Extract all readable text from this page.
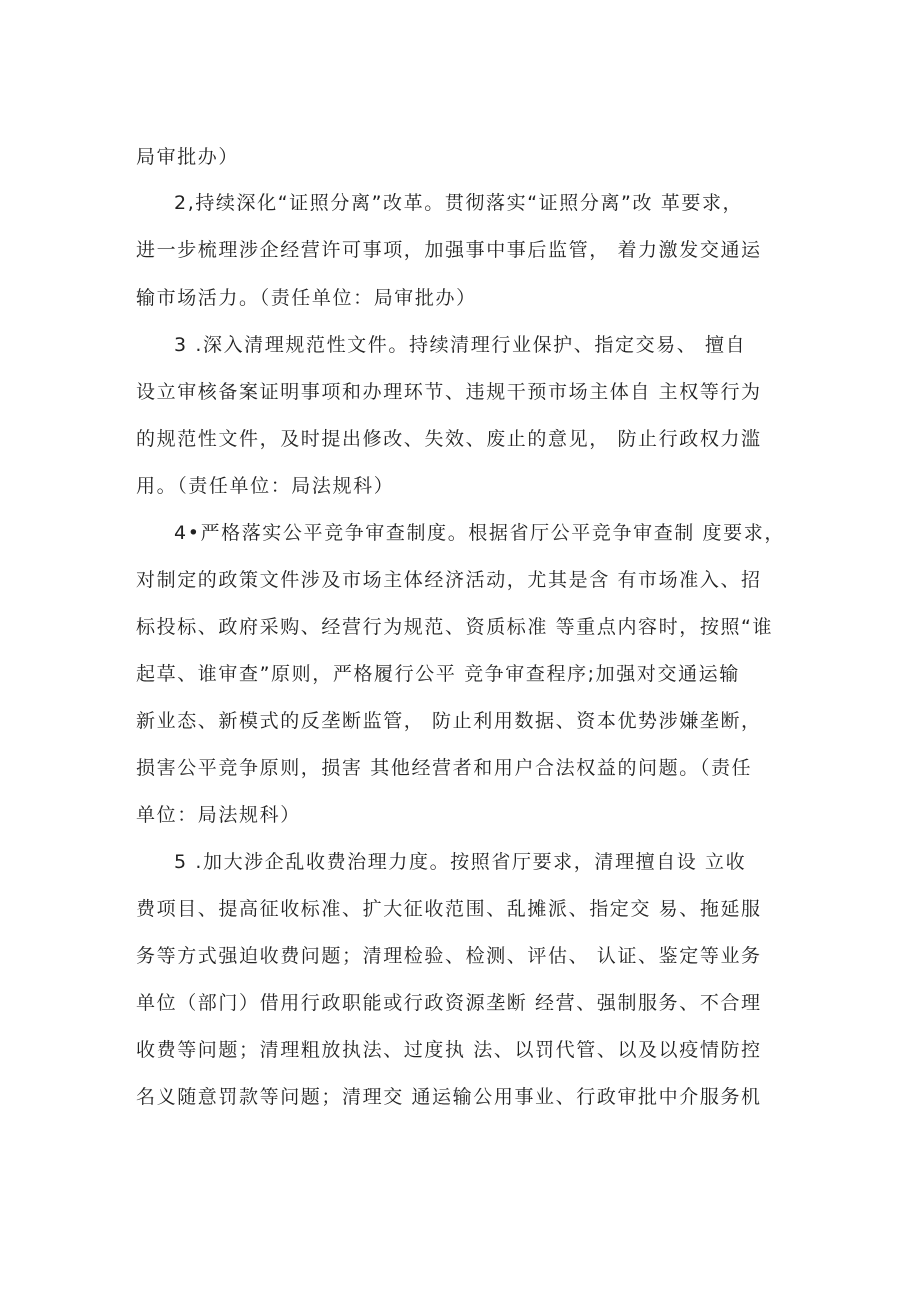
局审批办）
2,持续深化“证照分离”改革。贯彻落实“证照分离”改 革要求，
进一步梳理涉企经营许可事项，加强事中事后监管， 着力激发交通运
输市场活力。（责任单位：局审批办）
3 .深入清理规范性文件。持续清理行业保护、指定交易、 擅自
设立审核备案证明事项和办理环节、违规干预市场主体自 主权等行为
的规范性文件，及时提出修改、失效、废止的意见， 防止行政权力滥
用。（责任单位：局法规科）
4•严格落实公平竞争审查制度。根据省厅公平竞争审查制 度要求，
对制定的政策文件涉及市场主体经济活动，尤其是含 有市场准入、招
标投标、政府采购、经营行为规范、资质标准 等重点内容时，按照“谁
起草、谁审查”原则，严格履行公平 竞争审查程序;加强对交通运输
新业态、新模式的反垄断监管， 防止利用数据、资本优势涉嫌垄断，
损害公平竞争原则，损害 其他经营者和用户合法权益的问题。（责任
单位：局法规科）
5 .加大涉企乱收费治理力度。按照省厅要求，清理擅自设 立收
费项目、提高征收标准、扩大征收范围、乱摊派、指定交 易、拖延服
务等方式强迫收费问题；清理检验、检测、评估、 认证、鉴定等业务
单位（部门）借用行政职能或行政资源垄断 经营、强制服务、不合理
收费等问题；清理粗放执法、过度执 法、以罚代管、以及以疫情防控
名义随意罚款等问题；清理交 通运输公用事业、行政审批中介服务机
